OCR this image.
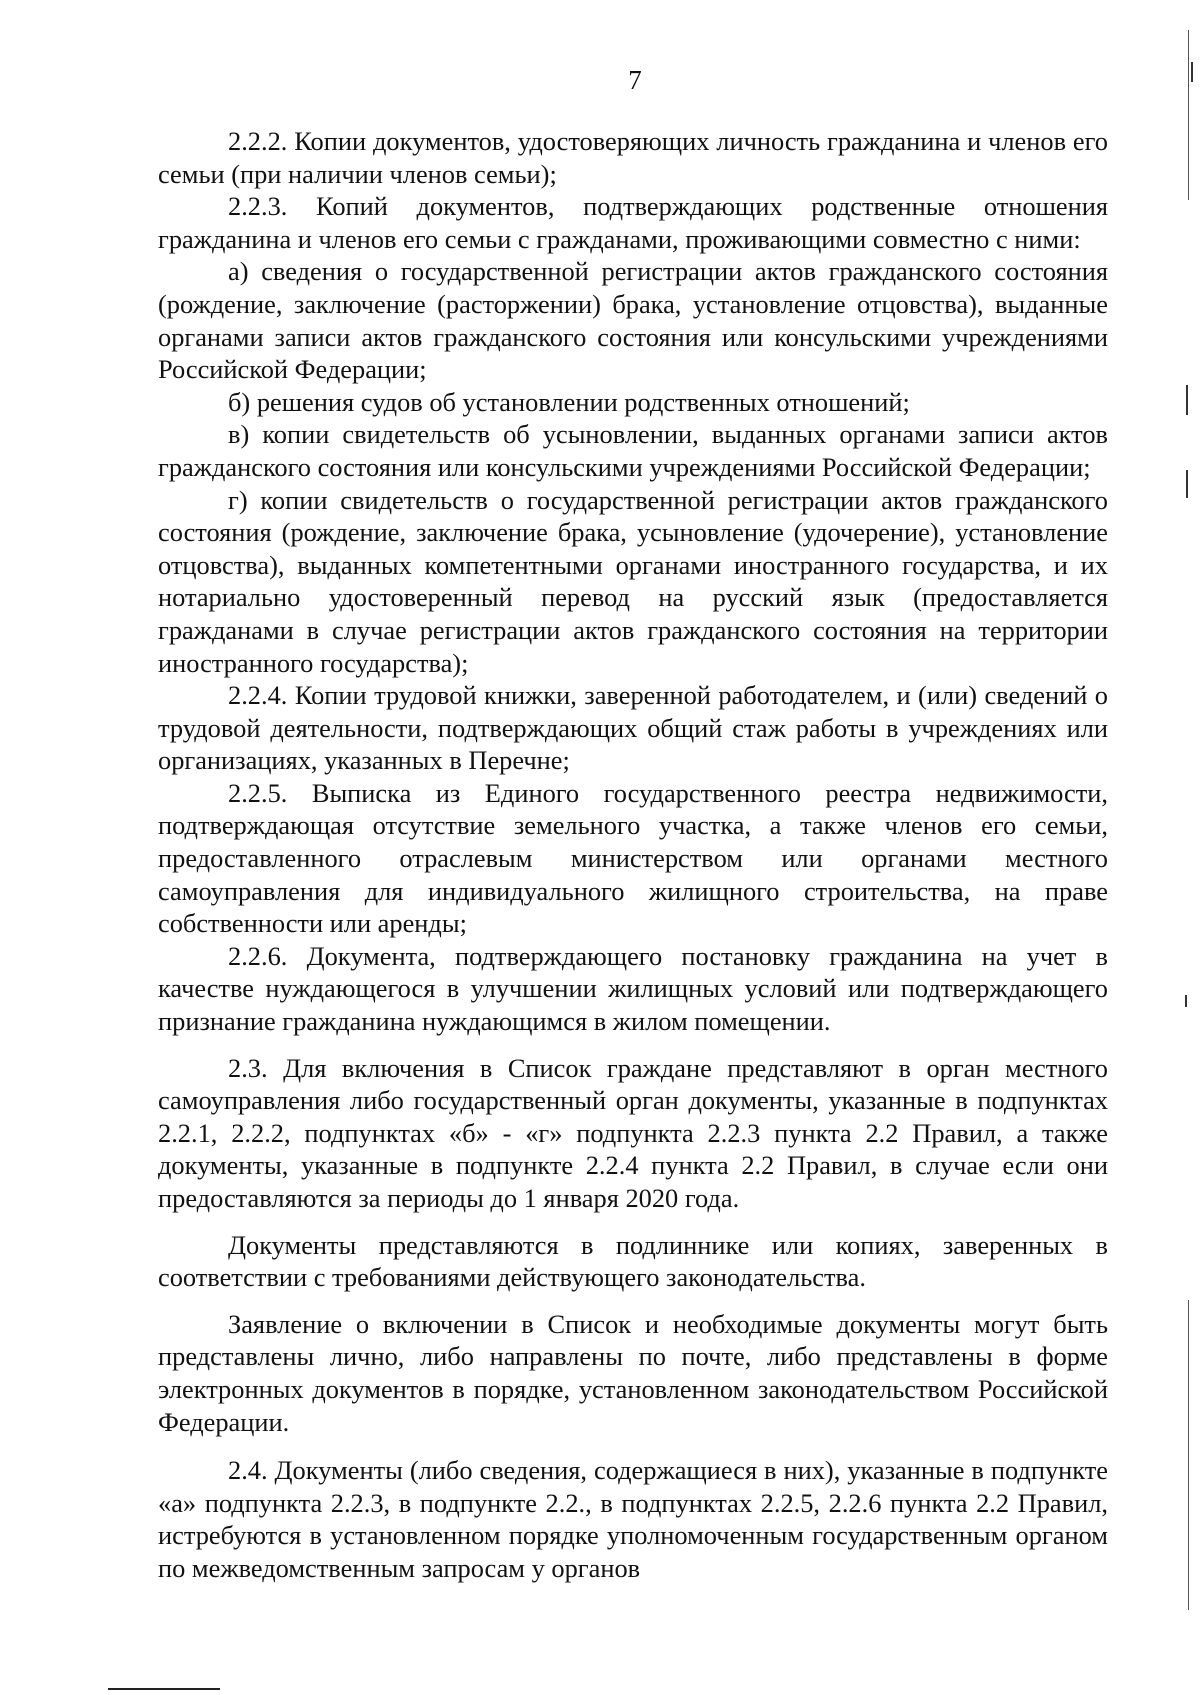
7

2.2.2. Копии документов, удостоверяющих личность гражданина и членов его семьи (при наличии членов семьи);

2.2.3. Копий документов, подтверждающих родственные отношения гражданина и членов его семьи с гражданами, проживающими совместно с ними:

а) сведения о государственной регистрации актов гражданского состояния (рождение, заключение (расторжении) брака, установление отцовства), выданные органами записи актов гражданского состояния или консульскими учреждениями Российской Федерации;

б) решения судов об установлении родственных отношений;

в) копии свидетельств об усыновлении, выданных органами записи актов гражданского состояния или консульскими учреждениями Российской Федерации;

г) копии свидетельств о государственной регистрации актов гражданского состояния (рождение, заключение брака, усыновление (удочерение), установление отцовства), выданных компетентными органами иностранного государства, и их нотариально удостоверенный перевод на русский язык (предоставляется гражданами в случае регистрации актов гражданского состояния на территории иностранного государства);

2.2.4. Копии трудовой книжки, заверенной работодателем, и (или) сведений о трудовой деятельности, подтверждающих общий стаж работы в учреждениях или организациях, указанных в Перечне;

2.2.5. Выписка из Единого государственного реестра недвижимости, подтверждающая отсутствие земельного участка, а также членов его семьи, предоставленного отраслевым министерством или органами местного самоуправления для индивидуального жилищного строительства, на праве собственности или аренды;

2.2.6. Документа, подтверждающего постановку гражданина на учет в качестве нуждающегося в улучшении жилищных условий или подтверждающего признание гражданина нуждающимся в жилом помещении.

2.3. Для включения в Список граждане представляют в орган местного самоуправления либо государственный орган документы, указанные в подпунктах 2.2.1, 2.2.2, подпунктах «б» - «г» подпункта 2.2.3 пункта 2.2 Правил, а также документы, указанные в подпункте 2.2.4 пункта 2.2 Правил, в случае если они предоставляются за периоды до 1 января 2020 года.

Документы представляются в подлиннике или копиях, заверенных в соответствии с требованиями действующего законодательства.

Заявление о включении в Список и необходимые документы могут быть представлены лично, либо направлены по почте, либо представлены в форме электронных документов в порядке, установленном законодательством Российской Федерации.

2.4. Документы (либо сведения, содержащиеся в них), указанные в подпункте «а» подпункта 2.2.3, в подпункте 2.2., в подпунктах 2.2.5, 2.2.6 пункта 2.2 Правил, истребуются в установленном порядке уполномоченным государственным органом по межведомственным запросам у органов
